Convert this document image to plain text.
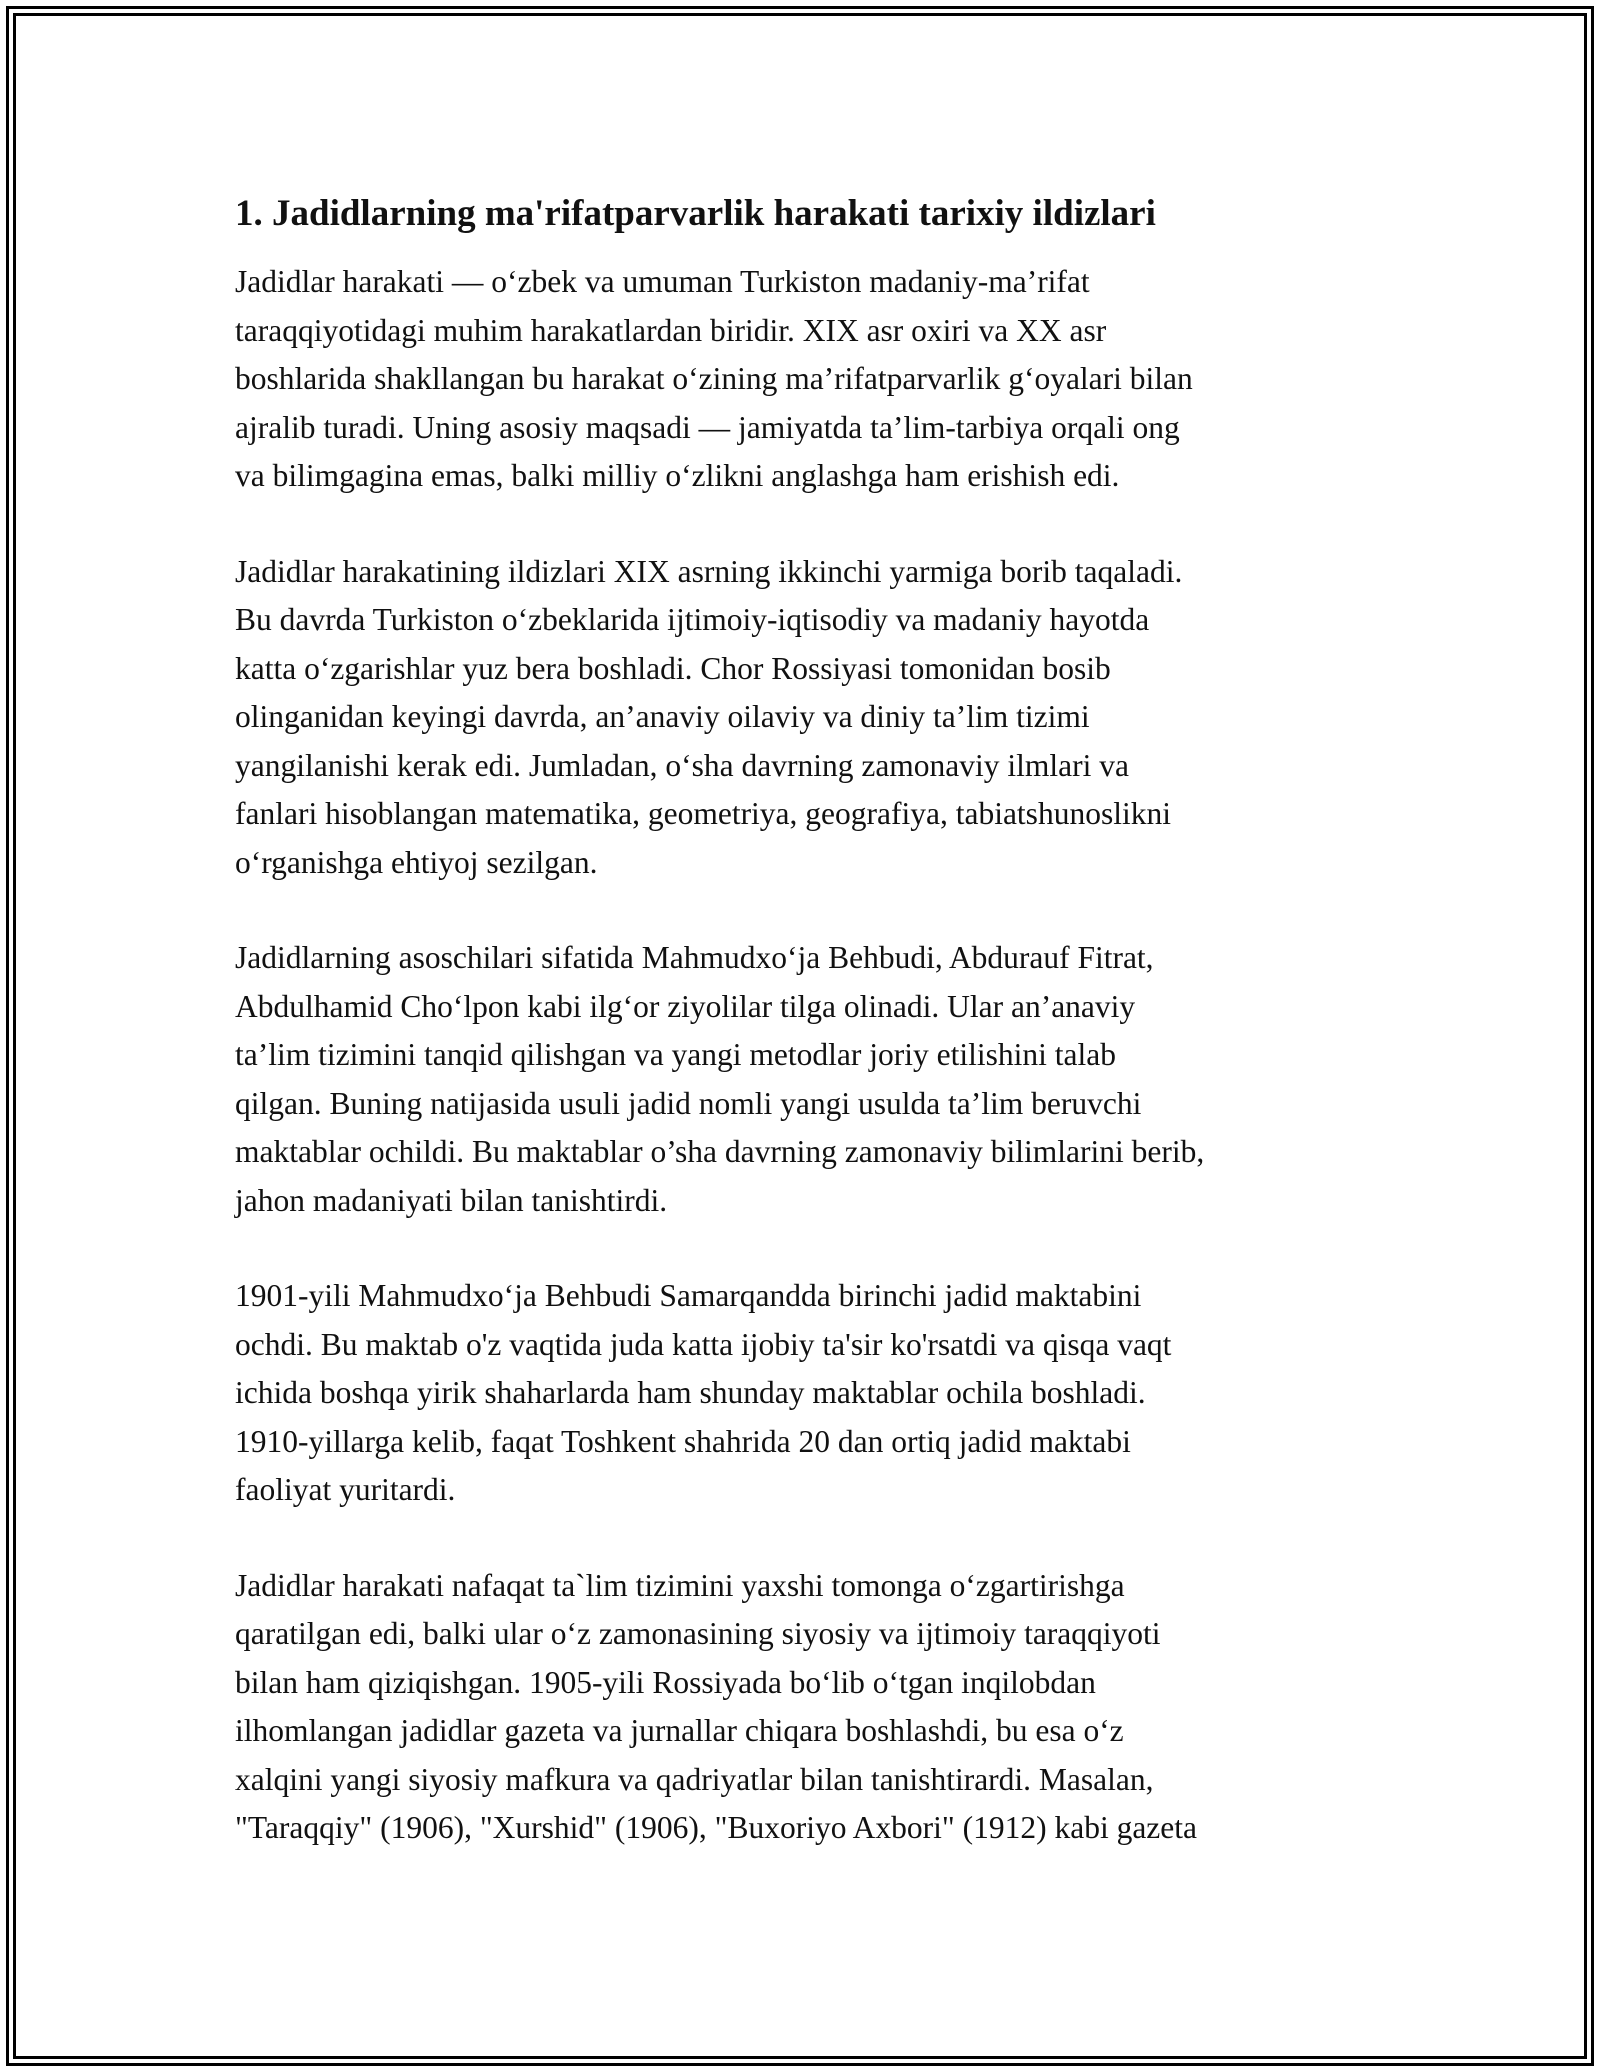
1. Jadidlarning ma'rifatparvarlik harakati tarixiy ildizlari

Jadidlar harakati — o‘zbek va umuman Turkiston madaniy-ma’rifat
taraqqiyotidagi muhim harakatlardan biridir. XIX asr oxiri va XX asr
boshlarida shakllangan bu harakat o‘zining ma’rifatparvarlik g‘oyalari bilan
ajralib turadi. Uning asosiy maqsadi — jamiyatda ta’lim-tarbiya orqali ong
va bilimgagina emas, balki milliy o‘zlikni anglashga ham erishish edi.

Jadidlar harakatining ildizlari XIX asrning ikkinchi yarmiga borib taqaladi.
Bu davrda Turkiston o‘zbeklarida ijtimoiy-iqtisodiy va madaniy hayotda
katta o‘zgarishlar yuz bera boshladi. Chor Rossiyasi tomonidan bosib
olinganidan keyingi davrda, an’anaviy oilaviy va diniy ta’lim tizimi
yangilanishi kerak edi. Jumladan, o‘sha davrning zamonaviy ilmlari va
fanlari hisoblangan matematika, geometriya, geografiya, tabiatshunoslikni
o‘rganishga ehtiyoj sezilgan.

Jadidlarning asoschilari sifatida Mahmudxo‘ja Behbudi, Abdurauf Fitrat,
Abdulhamid Cho‘lpon kabi ilg‘or ziyolilar tilga olinadi. Ular an’anaviy
ta’lim tizimini tanqid qilishgan va yangi metodlar joriy etilishini talab
qilgan. Buning natijasida usuli jadid nomli yangi usulda ta’lim beruvchi
maktablar ochildi. Bu maktablar o’sha davrning zamonaviy bilimlarini berib,
jahon madaniyati bilan tanishtirdi.

1901-yili Mahmudxo‘ja Behbudi Samarqandda birinchi jadid maktabini
ochdi. Bu maktab o'z vaqtida juda katta ijobiy ta'sir ko'rsatdi va qisqa vaqt
ichida boshqa yirik shaharlarda ham shunday maktablar ochila boshladi.
1910-yillarga kelib, faqat Toshkent shahrida 20 dan ortiq jadid maktabi
faoliyat yuritardi.

Jadidlar harakati nafaqat ta`lim tizimini yaxshi tomonga o‘zgartirishga
qaratilgan edi, balki ular o‘z zamonasining siyosiy va ijtimoiy taraqqiyoti
bilan ham qiziqishgan. 1905-yili Rossiyada bo‘lib o‘tgan inqilobdan
ilhomlangan jadidlar gazeta va jurnallar chiqara boshlashdi, bu esa o‘z
xalqini yangi siyosiy mafkura va qadriyatlar bilan tanishtirardi. Masalan,
"Taraqqiy" (1906), "Xurshid" (1906), "Buxoriyo Axbori" (1912) kabi gazeta
